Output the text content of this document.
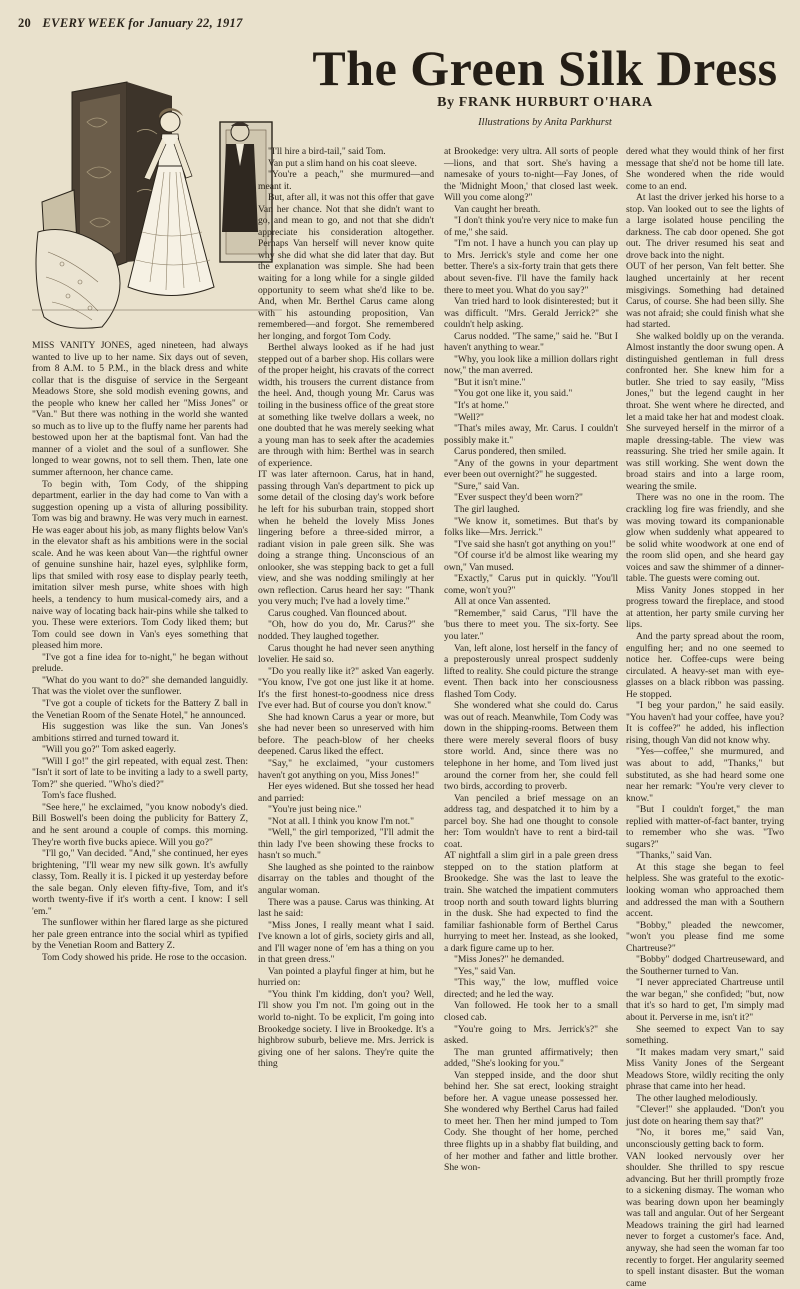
20 EVERY WEEK for January 22, 1917
The Green Silk Dress
By FRANK HURBURT O'HARA
Illustrations by Anita Parkhurst

MISS VANITY JONES, aged nineteen, had always wanted to live up to her name. Six days out of seven, from 8 A.M. to 5 P.M., in the black dress and white collar that is the disguise of service in the Sergeant Meadows Store, she sold modish evening gowns, and the people who knew her called her "Miss Jones" or "Van." But there was nothing in the world she wanted so much as to live up to the fluffy name her parents had bestowed upon her at the baptismal font. Van had the manner of a violet and the soul of a sunflower. She longed to wear gowns, not to sell them. Then, late one summer afternoon, her chance came.

To begin with, Tom Cody, of the shipping department, earlier in the day had come to Van with a suggestion opening up a vista of alluring possibility. Tom was big and brawny. He was very much in earnest. He was eager about his job, as many flights below Van's in the elevator shaft as his ambitions were in the social scale. And he was keen about Van—the rightful owner of genuine sunshine hair, hazel eyes, sylphlike form, lips that smiled with rosy ease to display pearly teeth, imitation silver mesh purse, white shoes with high heels, a tendency to hum musical-comedy airs, and a naive way of locating back hair-pins while she talked to you. These were exteriors. Tom Cody liked them; but Tom could see down in Van's eyes something that pleased him more.

"I've got a fine idea for to-night," he began without prelude.

"What do you want to do?" she demanded languidly. That was the violet over the sunflower.

"I've got a couple of tickets for the Battery Z ball in the Venetian Room of the Senate Hotel," he announced.

His suggestion was like the sun. Van Jones's ambitions stirred and turned toward it.

"Will you go?" Tom asked eagerly.

"Will I go!" the girl repeated, with equal zest. Then: "Isn't it sort of late to be inviting a lady to a swell party, Tom?" she queried. "Who's died?"

Tom's face flushed.

"See here," he exclaimed, "you know nobody's died. Bill Boswell's been doing the publicity for Battery Z, and he sent around a couple of comps. this morning. They're worth five bucks apiece. Will you go?"

"I'll go," Van decided. "And," she continued, her eyes brightening, "I'll wear my new silk gown. It's awfully classy, Tom. Really it is. I picked it up yesterday before the sale began. Only eleven fifty-five, Tom, and it's worth twenty-five if it's worth a cent. I know: I sell 'em."

The sunflower within her flared large as she pictured her pale green entrance into the social whirl as typified by the Venetian Room and Battery Z.

Tom Cody showed his pride. He rose to the occasion.

"I'll hire a bird-tail," said Tom.

Van put a slim hand on his coat sleeve.

"You're a peach," she murmured—and meant it.

But, after all, it was not this offer that gave Van her chance. Not that she didn't want to go, and mean to go, and not that she didn't appreciate his consideration altogether. Perhaps Van herself will never know quite why she did what she did later that day. But the explanation was simple. She had been waiting for a long while for a single gilded opportunity to seem what she'd like to be. And, when Mr. Berthel Carus came along with his astounding proposition, Van remembered—and forgot. She remembered her longing, and forgot Tom Cody.

Berthel always looked as if he had just stepped out of a barber shop. His collars were of the proper height, his cravats of the correct width, his trousers the current distance from the heel. And, though young Mr. Carus was toiling in the business office of the great store at something like twelve dollars a week, no one doubted that he was merely seeking what a young man has to seek after the academies are through with him: Berthel was in search of experience.

IT was later afternoon. Carus, hat in hand, passing through Van's department to pick up some detail of the closing day's work before he left for his suburban train, stopped short when he beheld the lovely Miss Jones lingering before a three-sided mirror, a radiant vision in pale green silk. She was doing a strange thing. Unconscious of an onlooker, she was stepping back to get a full view, and she was nodding smilingly at her own reflection. Carus heard her say: "Thank you very much; I've had a lovely time."

Carus coughed. Van flounced about.

"Oh, how do you do, Mr. Carus?" she nodded. They laughed together.

Carus thought he had never seen anything lovelier. He said so.

"Do you really like it?" asked Van eagerly. "You know, I've got one just like it at home. It's the first honest-to-goodness nice dress I've ever had. But of course you don't know."

She had known Carus a year or more, but she had never been so unreserved with him before. The peach-blow of her cheeks deepened. Carus liked the effect.

"Say," he exclaimed, "your customers haven't got anything on you, Miss Jones!"

Her eyes widened. But she tossed her head and parried:

"You're just being nice."

"Not at all. I think you know I'm not."

"Well," the girl temporized, "I'll admit the thin lady I've been showing these frocks to hasn't so much."

She laughed as she pointed to the rainbow disarray on the tables and thought of the angular woman.

There was a pause. Carus was thinking. At last he said:

"Miss Jones, I really meant what I said. I've known a lot of girls, society girls and all, and I'll wager none of 'em has a thing on you in that green dress."

Van pointed a playful finger at him, but he hurried on:

"You think I'm kidding, don't you? Well, I'll show you I'm not. I'm going out in the world to-night. To be explicit, I'm going into Brookedge society. I live in Brookedge. It's a highbrow suburb, believe me. Mrs. Jerrick is giving one of her salons. They're quite the thing

at Brookedge: very ultra. All sorts of people—lions, and that sort. She's having a namesake of yours to-night—Fay Jones, of the 'Midnight Moon,' that closed last week. Will you come along?"

Van caught her breath.

"I don't think you're very nice to make fun of me," she said.

"I'm not. I have a hunch you can play up to Mrs. Jerrick's style and come her one better. There's a six-forty train that gets there about seven-five. I'll have the family hack there to meet you. What do you say?"

Van tried hard to look disinterested; but it was difficult. "Mrs. Gerald Jerrick?" she couldn't help asking.

Carus nodded. "The same," said he. "But I haven't anything to wear."

"Why, you look like a million dollars right now," the man averred.

"But it isn't mine."

"You got one like it, you said."

"It's at home."

"Well?"

"That's miles away, Mr. Carus. I couldn't possibly make it."

Carus pondered, then smiled.

"Any of the gowns in your department ever been out overnight?" he suggested.

"Sure," said Van.

"Ever suspect they'd been worn?"

The girl laughed.

"We know it, sometimes. But that's by folks like—Mrs. Jerrick."

"I've said she hasn't got anything on you!"

"Of course it'd be almost like wearing my own," Van mused.

"Exactly," Carus put in quickly. "You'll come, won't you?"

All at once Van assented.

"Remember," said Carus, "I'll have the 'bus there to meet you. The six-forty. See you later."

Van, left alone, lost herself in the fancy of a preposterously unreal prospect suddenly lifted to reality. She could picture the strange event. Then back into her consciousness flashed Tom Cody.

She wondered what she could do. Carus was out of reach. Meanwhile, Tom Cody was down in the shipping-rooms. Between them there were merely several floors of busy store world. And, since there was no telephone in her home, and Tom lived just around the corner from her, she could fell two birds, according to proverb.

Van penciled a brief message on an address tag, and despatched it to him by a parcel boy. She had one thought to console her: Tom wouldn't have to rent a bird-tail coat.

AT nightfall a slim girl in a pale green dress stepped on to the station platform at Brookedge. She was the last to leave the train. She watched the impatient commuters troop north and south toward lights blurring in the dusk. She had expected to find the familiar fashionable form of Berthel Carus hurrying to meet her. Instead, as she looked, a dark figure came up to her.

"Miss Jones?" he demanded.

"Yes," said Van.

"This way," the low, muffled voice directed; and he led the way.

Van followed. He took her to a small closed cab.

"You're going to Mrs. Jerrick's?" she asked.

The man grunted affirmatively; then added, "She's looking for you."

Van stepped inside, and the door shut behind her. She sat erect, looking straight before her. A vague unease possessed her. She wondered why Berthel Carus had failed to meet her. Then her mind jumped to Tom Cody. She thought of her home, perched three flights up in a shabby flat building, and of her mother and father and little brother. She won-

dered what they would think of her first message that she'd not be home till late. She wondered when the ride would come to an end.

At last the driver jerked his horse to a stop. Van looked out to see the lights of a large isolated house penciling the darkness. The cab door opened. She got out. The driver resumed his seat and drove back into the night.

OUT of her person, Van felt better. She laughed uncertainly at her recent misgivings. Something had detained Carus, of course. She had been silly. She was not afraid; she could finish what she had started.

She walked boldly up on the veranda. Almost instantly the door swung open. A distinguished gentleman in full dress confronted her. She knew him for a butler. She tried to say easily, "Miss Jones," but the legend caught in her throat. She went where he directed, and let a maid take her hat and modest cloak. She surveyed herself in the mirror of a maple dressing-table. The view was reassuring. She tried her smile again. It was still working. She went down the broad stairs and into a large room, wearing the smile.

There was no one in the room. The crackling log fire was friendly, and she was moving toward its companionable glow when suddenly what appeared to be solid white woodwork at one end of the room slid open, and she heard gay voices and saw the shimmer of a dinner-table. The guests were coming out.

Miss Vanity Jones stopped in her progress toward the fireplace, and stood at attention, her party smile curving her lips.

And the party spread about the room, engulfing her; and no one seemed to notice her. Coffee-cups were being circulated. A heavy-set man with eye-glasses on a black ribbon was passing. He stopped.

"I beg your pardon," he said easily. "You haven't had your coffee, have you? It is coffee?" he added, his inflection rising, though Van did not know why.

"Yes—coffee," she murmured, and was about to add, "Thanks," but substituted, as she had heard some one near her remark: "You're very clever to know."

"But I couldn't forget," the man replied with matter-of-fact banter, trying to remember who she was. "Two sugars?"

"Thanks," said Van.

At this stage she began to feel helpless. She was grateful to the exotic-looking woman who approached them and addressed the man with a Southern accent.

"Bobby," pleaded the newcomer, "won't you please find me some Chartreuse?"

"Bobby" dodged Chartreuseward, and the Southerner turned to Van.

"I never appreciated Chartreuse until the war began," she confided; "but, now that it's so hard to get, I'm simply mad about it. Perverse in me, isn't it?"

She seemed to expect Van to say something.

"It makes madam very smart," said Miss Vanity Jones of the Sergeant Meadows Store, wildly reciting the only phrase that came into her head.

The other laughed melodiously.

"Clever!" she applauded. "Don't you just dote on hearing them say that?"

"No, it bores me," said Van, unconsciously getting back to form.

VAN looked nervously over her shoulder. She thrilled to spy rescue advancing. But her thrill promptly froze to a sickening dismay. The woman who was bearing down upon her beamingly was tall and angular. Out of her Sergeant Meadows training the girl had learned never to forget a customer's face. And, anyway, she had seen the woman far too recently to forget. Her angularity seemed to spell instant disaster. But the woman came
